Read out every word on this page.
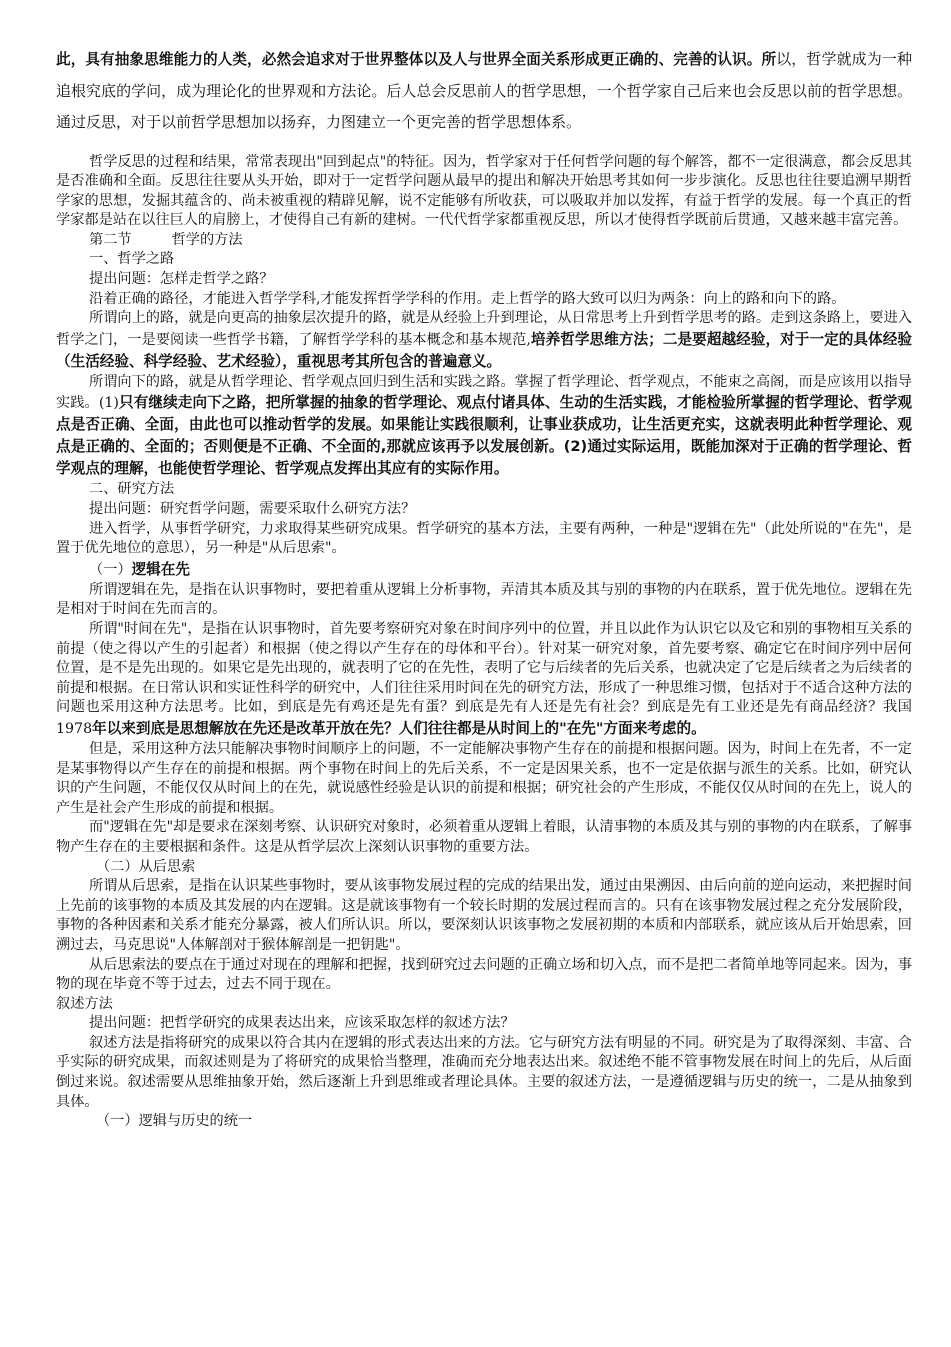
此，具有抽象思维能力的人类，必然会追求对于世界整体以及人与世界全面关系形成更正确的、完善的认识。所以，哲学就成为一种追根究底的学问，成为理论化的世界观和方法论。后人总会反思前人的哲学思想，一个哲学家自己后来也会反思以前的哲学思想。通过反思，对于以前哲学思想加以扬弃，力图建立一个更完善的哲学思想体系。

哲学反思的过程和结果，常常表现出"回到起点"的特征。因为，哲学家对于任何哲学问题的每个解答，都不一定很满意，都会反思其是否准确和全面。反思往往要从头开始，即对于一定哲学问题从最早的提出和解决开始思考其如何一步步演化。反思也往往要追溯早期哲学家的思想，发掘其蕴含的、尚未被重视的精辟见解，说不定能够有所收获，可以吸取并加以发挥，有益于哲学的发展。每一个真正的哲学家都是站在以往巨人的肩膀上，才使得自己有新的建树。一代代哲学家都重视反思，所以才使得哲学既前后贯通，又越来越丰富完善。

第二节	哲学的方法

一、哲学之路

提出问题：怎样走哲学之路？

沿着正确的路径，才能进入哲学学科,才能发挥哲学学科的作用。走上哲学的路大致可以归为两条：向上的路和向下的路。

所谓向上的路，就是向更高的抽象层次提升的路，就是从经验上升到理论，从日常思考上升到哲学思考的路。走到这条路上，要进入哲学之门，一是要阅读一些哲学书籍，了解哲学学科的基本概念和基本规范,培养哲学思维方法；二是要超越经验，对于一定的具体经验（生活经验、科学经验、艺术经验），重视思考其所包含的普遍意义。

所谓向下的路，就是从哲学理论、哲学观点回归到生活和实践之路。掌握了哲学理论、哲学观点，不能束之高阁，而是应该用以指导实践。(1)只有继续走向下之路，把所掌握的抽象的哲学理论、观点付诸具体、生动的生活实践，才能检验所掌握的哲学理论、哲学观点是否正确、全面，由此也可以推动哲学的发展。如果能让实践很顺利，让事业获成功，让生活更充实，这就表明此种哲学理论、观点是正确的、全面的；否则便是不正确、不全面的,那就应该再予以发展创新。(2)通过实际运用，既能加深对于正确的哲学理论、哲学观点的理解，也能使哲学理论、哲学观点发挥出其应有的实际作用。

二、研究方法

提出问题：研究哲学问题，需要采取什么研究方法？

进入哲学，从事哲学研究，力求取得某些研究成果。哲学研究的基本方法，主要有两种，一种是"逻辑在先"（此处所说的"在先"，是置于优先地位的意思），另一种是"从后思索"。

（一）逻辑在先

所谓逻辑在先，是指在认识事物时，要把着重从逻辑上分析事物，弄清其本质及其与别的事物的内在联系，置于优先地位。逻辑在先是相对于时间在先而言的。

所谓"时间在先"，是指在认识事物时，首先要考察研究对象在时间序列中的位置，并且以此作为认识它以及它和别的事物相互关系的前提（使之得以产生的引起者）和根据（使之得以产生存在的母体和平台）。针对某一研究对象，首先要考察、确定它在时间序列中居何位置，是不是先出现的。如果它是先出现的，就表明了它的在先性，表明了它与后续者的先后关系，也就决定了它是后续者之为后续者的前提和根据。在日常认识和实证性科学的研究中，人们往往采用时间在先的研究方法，形成了一种思维习惯，包括对于不适合这种方法的问题也采用这种方法思考。比如，到底是先有鸡还是先有蛋？到底是先有人还是先有社会？到底是先有工业还是先有商品经济？我国1978年以来到底是思想解放在先还是改革开放在先？人们往往都是从时间上的"在先"方面来考虑的。

但是，采用这种方法只能解决事物时间顺序上的问题，不一定能解决事物产生存在的前提和根据问题。因为，时间上在先者，不一定是某事物得以产生存在的前提和根据。两个事物在时间上的先后关系，不一定是因果关系，也不一定是依据与派生的关系。比如，研究认识的产生问题，不能仅仅从时间上的在先，就说感性经验是认识的前提和根据；研究社会的产生形成，不能仅仅从时间的在先上，说人的产生是社会产生形成的前提和根据。

而"逻辑在先"却是要求在深刻考察、认识研究对象时，必须着重从逻辑上着眼，认清事物的本质及其与别的事物的内在联系，了解事物产生存在的主要根据和条件。这是从哲学层次上深刻认识事物的重要方法。

（二）从后思索

所谓从后思索，是指在认识某些事物时，要从该事物发展过程的完成的结果出发，通过由果溯因、由后向前的逆向运动，来把握时间上先前的该事物的本质及其发展的内在逻辑。这是就该事物有一个较长时期的发展过程而言的。只有在该事物发展过程之充分发展阶段，事物的各种因素和关系才能充分暴露，被人们所认识。所以，要深刻认识该事物之发展初期的本质和内部联系，就应该从后开始思索，回溯过去，马克思说"人体解剖对于猴体解剖是一把钥匙"。

从后思索法的要点在于通过对现在的理解和把握，找到研究过去问题的正确立场和切入点，而不是把二者简单地等同起来。因为，事物的现在毕竟不等于过去，过去不同于现在。

叙述方法

提出问题：把哲学研究的成果表达出来，应该采取怎样的叙述方法？

叙述方法是指将研究的成果以符合其内在逻辑的形式表达出来的方法。它与研究方法有明显的不同。研究是为了取得深刻、丰富、合乎实际的研究成果，而叙述则是为了将研究的成果恰当整理，准确而充分地表达出来。叙述绝不能不管事物发展在时间上的先后，从后面倒过来说。叙述需要从思维抽象开始，然后逐渐上升到思维或者理论具体。主要的叙述方法，一是遵循逻辑与历史的统一，二是从抽象到具体。

（一）逻辑与历史的统一
